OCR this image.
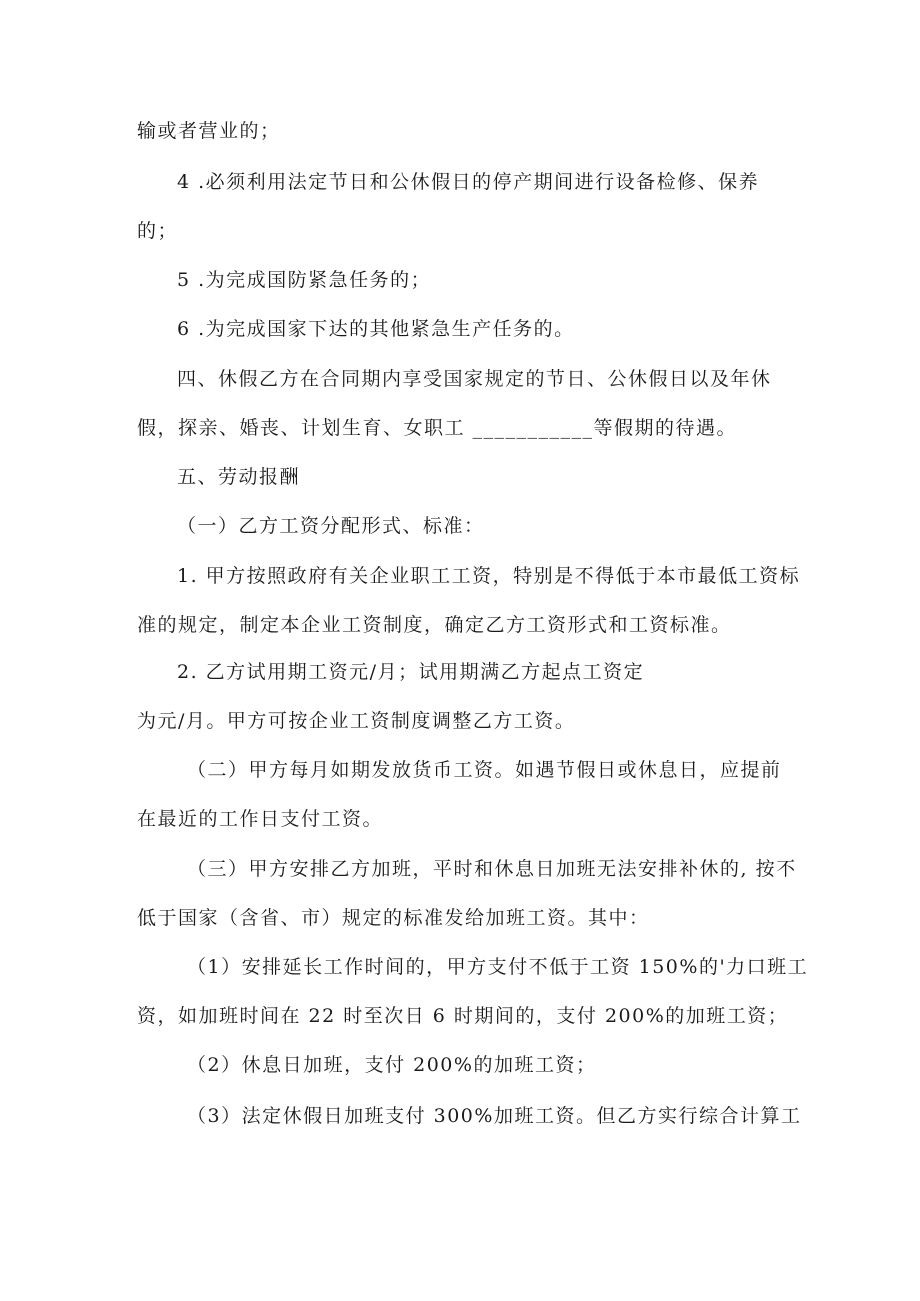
输或者营业的；
4 .必须利用法定节日和公休假日的停产期间进行设备检修、保养
的；
5 .为完成国防紧急任务的；
6 .为完成国家下达的其他紧急生产任务的。
四、休假乙方在合同期内享受国家规定的节日、公休假日以及年休
假，探亲、婚丧、计划生育、女职工 ___________等假期的待遇。
五、劳动报酬
（一）乙方工资分配形式、标准：
1. 甲方按照政府有关企业职工工资，特别是不得低于本市最低工资标
准的规定，制定本企业工资制度，确定乙方工资形式和工资标准。
2. 乙方试用期工资元/月；试用期满乙方起点工资定
为元/月。甲方可按企业工资制度调整乙方工资。
（二）甲方每月如期发放货币工资。如遇节假日或休息日，应提前
在最近的工作日支付工资。
（三）甲方安排乙方加班，平时和休息日加班无法安排补休的, 按不
低于国家（含省、市）规定的标准发给加班工资。其中：
（1）安排延长工作时间的，甲方支付不低于工资 150%的'力口班工
资，如加班时间在 22 时至次日 6 时期间的，支付 200%的加班工资；
（2）休息日加班，支付 200%的加班工资；
（3）法定休假日加班支付 300%加班工资。但乙方实行综合计算工
